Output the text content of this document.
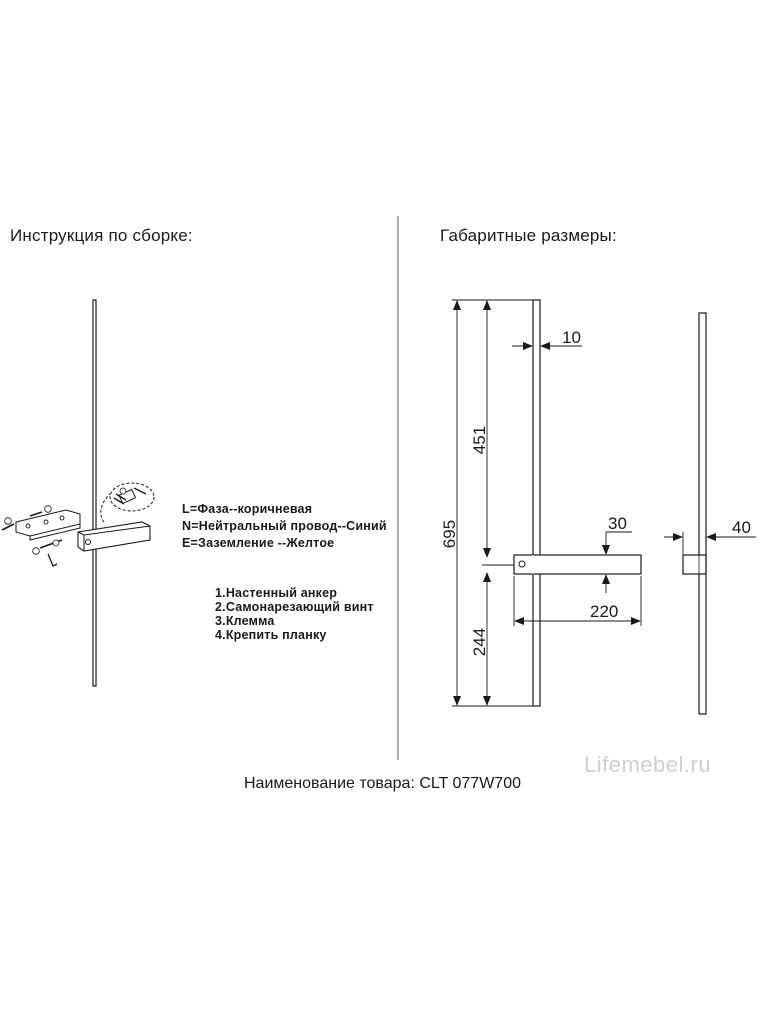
Инструкция по сборке:	Габаритные размеры:
695
451
244
10
30
220
40
L=Фаза--коричневая
N=Нейтральный провод--Синий
E=Заземление --Желтое
1.Настенный анкер
2.Самонарезающий винт
3.Клемма
4.Крепить планку
Lifemebel.ru
Наименование товара: CLT 077W700
